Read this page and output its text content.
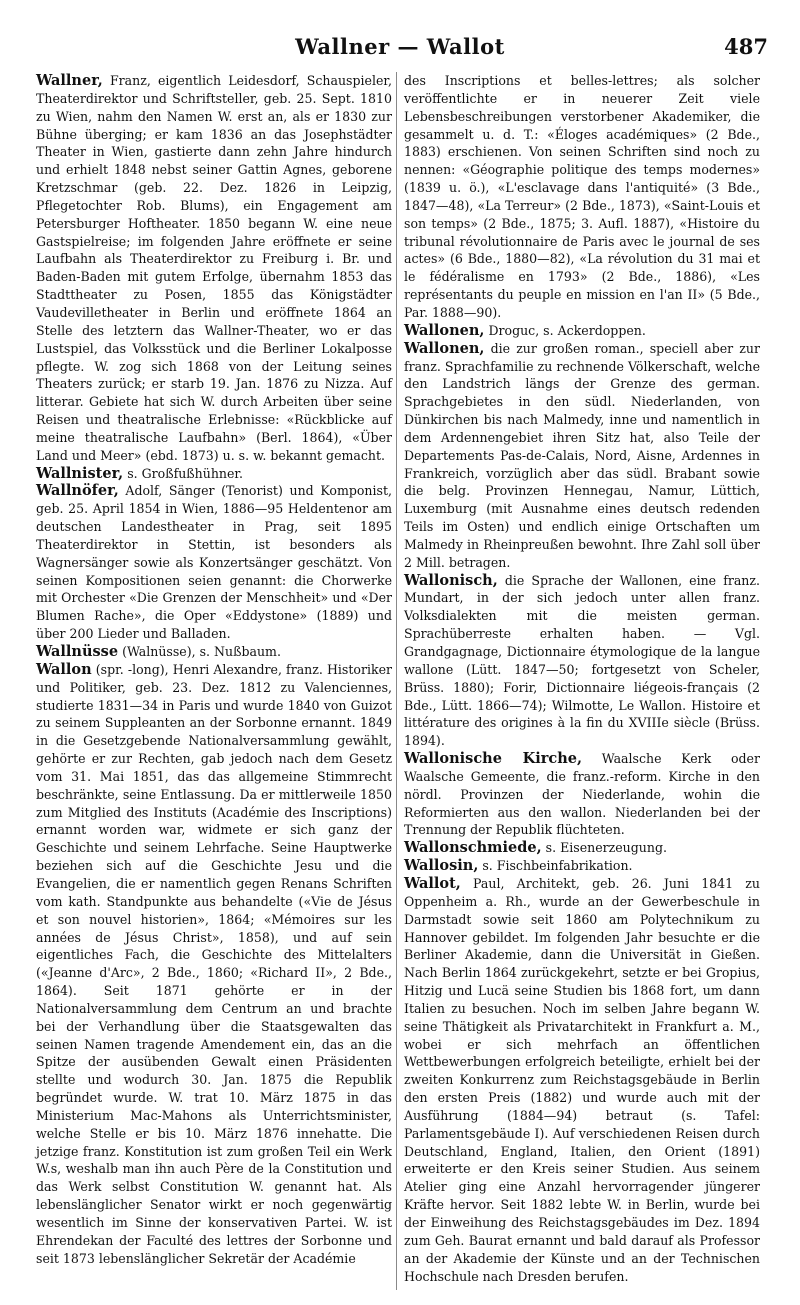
Wallner — Wallot	487

Wallner, Franz, eigentlich Leidesdorf, Schauspieler, Theaterdirektor und Schriftsteller, geb. 25. Sept. 1810 zu Wien, nahm den Namen W. erst an, als er 1830 zur Bühne überging; er kam 1836 an das Josephstädter Theater in Wien, gastierte dann zehn Jahre hindurch und erhielt 1848 nebst seiner Gattin Agnes, geborene Kretzschmar (geb. 22. Dez. 1826 in Leipzig, Pflegetochter Rob. Blums), ein Engagement am Petersburger Hoftheater. 1850 begann W. eine neue Gastspielreise; im folgenden Jahre eröffnete er seine Laufbahn als Theaterdirektor zu Freiburg i. Br. und Baden-Baden mit gutem Erfolge, übernahm 1853 das Stadttheater zu Posen, 1855 das Königstädter Vaudevilletheater in Berlin und eröffnete 1864 an Stelle des letztern das Wallner-Theater, wo er das Lustspiel, das Volksstück und die Berliner Lokalposse pflegte. W. zog sich 1868 von der Leitung seines Theaters zurück; er starb 19. Jan. 1876 zu Nizza. Auf litterar. Gebiete hat sich W. durch Arbeiten über seine Reisen und theatralische Erlebnisse: «Rückblicke auf meine theatralische Laufbahn» (Berl. 1864), «Über Land und Meer» (ebd. 1873) u. s. w. bekannt gemacht.

Wallnister, s. Großfußhühner.

Wallnöfer, Adolf, Sänger (Tenorist) und Komponist, geb. 25. April 1854 in Wien, 1886—95 Heldentenor am deutschen Landestheater in Prag, seit 1895 Theaterdirektor in Stettin, ist besonders als Wagnersänger sowie als Konzertsänger geschätzt. Von seinen Kompositionen seien genannt: die Chorwerke mit Orchester «Die Grenzen der Menschheit» und «Der Blumen Rache», die Oper «Eddystone» (1889) und über 200 Lieder und Balladen.

Wallnüsse (Walnüsse), s. Nußbaum.

Wallon (spr. -long), Henri Alexandre, franz. Historiker und Politiker, geb. 23. Dez. 1812 zu Valenciennes, studierte 1831—34 in Paris und wurde 1840 von Guizot zu seinem Suppleanten an der Sorbonne ernannt. 1849 in die Gesetzgebende Nationalversammlung gewählt, gehörte er zur Rechten, gab jedoch nach dem Gesetz vom 31. Mai 1851, das das allgemeine Stimmrecht beschränkte, seine Entlassung. Da er mittlerweile 1850 zum Mitglied des Instituts (Académie des Inscriptions) ernannt worden war, widmete er sich ganz der Geschichte und seinem Lehrfache. Seine Hauptwerke beziehen sich auf die Geschichte Jesu und die Evangelien, die er namentlich gegen Renans Schriften vom kath. Standpunkte aus behandelte («Vie de Jésus et son nouvel historien», 1864; «Mémoires sur les années de Jésus Christ», 1858), und auf sein eigentliches Fach, die Geschichte des Mittelalters («Jeanne d'Arc», 2 Bde., 1860; «Richard II», 2 Bde., 1864). Seit 1871 gehörte er in der Nationalversammlung dem Centrum an und brachte bei der Verhandlung über die Staatsgewalten das seinen Namen tragende Amendement ein, das an die Spitze der ausübenden Gewalt einen Präsidenten stellte und wodurch 30. Jan. 1875 die Republik begründet wurde. W. trat 10. März 1875 in das Ministerium Mac-Mahons als Unterrichtsminister, welche Stelle er bis 10. März 1876 innehatte. Die jetzige franz. Konstitution ist zum großen Teil ein Werk W.s, weshalb man ihn auch Père de la Constitution und das Werk selbst Constitution W. genannt hat. Als lebenslänglicher Senator wirkt er noch gegenwärtig wesentlich im Sinne der konservativen Partei. W. ist Ehrendekan der Faculté des lettres der Sorbonne und seit 1873 lebenslänglicher Sekretär der Académie

des Inscriptions et belles-lettres; als solcher veröffentlichte er in neuerer Zeit viele Lebensbeschreibungen verstorbener Akademiker, die gesammelt u. d. T.: «Éloges académiques» (2 Bde., 1883) erschienen. Von seinen Schriften sind noch zu nennen: «Géographie politique des temps modernes» (1839 u. ö.), «L'esclavage dans l'antiquité» (3 Bde., 1847—48), «La Terreur» (2 Bde., 1873), «Saint-Louis et son temps» (2 Bde., 1875; 3. Aufl. 1887), «Histoire du tribunal révolutionnaire de Paris avec le journal de ses actes» (6 Bde., 1880—82), «La révolution du 31 mai et le fédéralisme en 1793» (2 Bde., 1886), «Les représentants du peuple en mission en l'an II» (5 Bde., Par. 1888—90).

Wallonen, Droguc, s. Ackerdoppen.

Wallonen, die zur großen roman., speciell aber zur franz. Sprachfamilie zu rechnende Völkerschaft, welche den Landstrich längs der Grenze des german. Sprachgebietes in den südl. Niederlanden, von Dünkirchen bis nach Malmedy, inne und namentlich in dem Ardennengebiet ihren Sitz hat, also Teile der Departements Pas-de-Calais, Nord, Aisne, Ardennes in Frankreich, vorzüglich aber das südl. Brabant sowie die belg. Provinzen Hennegau, Namur, Lüttich, Luxemburg (mit Ausnahme eines deutsch redenden Teils im Osten) und endlich einige Ortschaften um Malmedy in Rheinpreußen bewohnt. Ihre Zahl soll über 2 Mill. betragen.

Wallonisch, die Sprache der Wallonen, eine franz. Mundart, in der sich jedoch unter allen franz. Volksdialekten mit die meisten german. Sprachüberreste erhalten haben. — Vgl. Grandgagnage, Dictionnaire étymologique de la langue wallone (Lütt. 1847—50; fortgesetzt von Scheler, Brüss. 1880); Forir, Dictionnaire liégeois-français (2 Bde., Lütt. 1866—74); Wilmotte, Le Wallon. Histoire et littérature des origines à la fin du XVIIIe siècle (Brüss. 1894).

Wallonische Kirche, Waalsche Kerk oder Waalsche Gemeente, die franz.-reform. Kirche in den nördl. Provinzen der Niederlande, wohin die Reformierten aus den wallon. Niederlanden bei der Trennung der Republik flüchteten.

Wallonschmiede, s. Eisenerzeugung.

Wallosin, s. Fischbeinfabrikation.

Wallot, Paul, Architekt, geb. 26. Juni 1841 zu Oppenheim a. Rh., wurde an der Gewerbeschule in Darmstadt sowie seit 1860 am Polytechnikum zu Hannover gebildet. Im folgenden Jahr besuchte er die Berliner Akademie, dann die Universität in Gießen. Nach Berlin 1864 zurückgekehrt, setzte er bei Gropius, Hitzig und Lucä seine Studien bis 1868 fort, um dann Italien zu besuchen. Noch im selben Jahre begann W. seine Thätigkeit als Privatarchitekt in Frankfurt a. M., wobei er sich mehrfach an öffentlichen Wettbewerbungen erfolgreich beteiligte, erhielt bei der zweiten Konkurrenz zum Reichstagsgebäude in Berlin den ersten Preis (1882) und wurde auch mit der Ausführung (1884—94) betraut (s. Tafel: Parlamentsgebäude I). Auf verschiedenen Reisen durch Deutschland, England, Italien, den Orient (1891) erweiterte er den Kreis seiner Studien. Aus seinem Atelier ging eine Anzahl hervorragender jüngerer Kräfte hervor. Seit 1882 lebte W. in Berlin, wurde bei der Einweihung des Reichstagsgebäudes im Dez. 1894 zum Geh. Baurat ernannt und bald darauf als Professor an der Akademie der Künste und an der Technischen Hochschule nach Dresden berufen.
